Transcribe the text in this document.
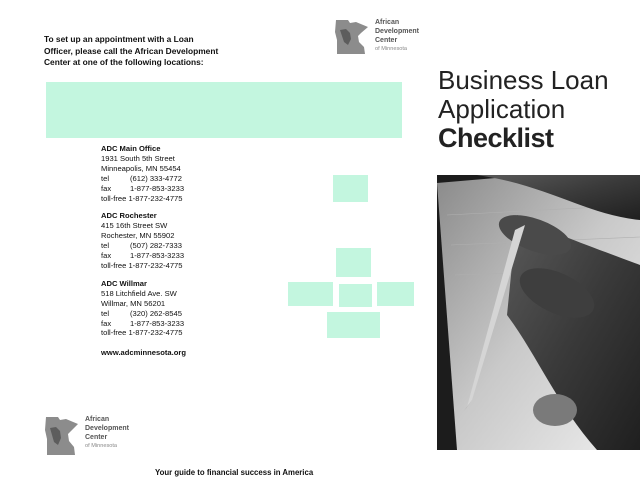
To set up an appointment with a Loan Officer, please call the African Development Center at one of the following locations:

African
Development
Center
of Minnesota
Business Loan
Application
Checklist
ADC Main Office
1931 South 5th Street
Minneapolis, MN 55454
tel	(612) 333-4772
fax	1-877-853-3233
toll-free
1-877-232-4775
ADC Rochester
415 16th Street SW
Rochester, MN 55902
tel	(507) 282-7333
fax	1-877-853-3233
toll-free
1-877-232-4775
ADC Willmar
518 Litchfield Ave. SW
Willmar, MN 56201
tel	(320) 262-8545
fax	1-877-853-3233
toll-free
1-877-232-4775
www.adcminnesota.org
African
Development
Center
of Minnesota
Your guide to financial success in America
